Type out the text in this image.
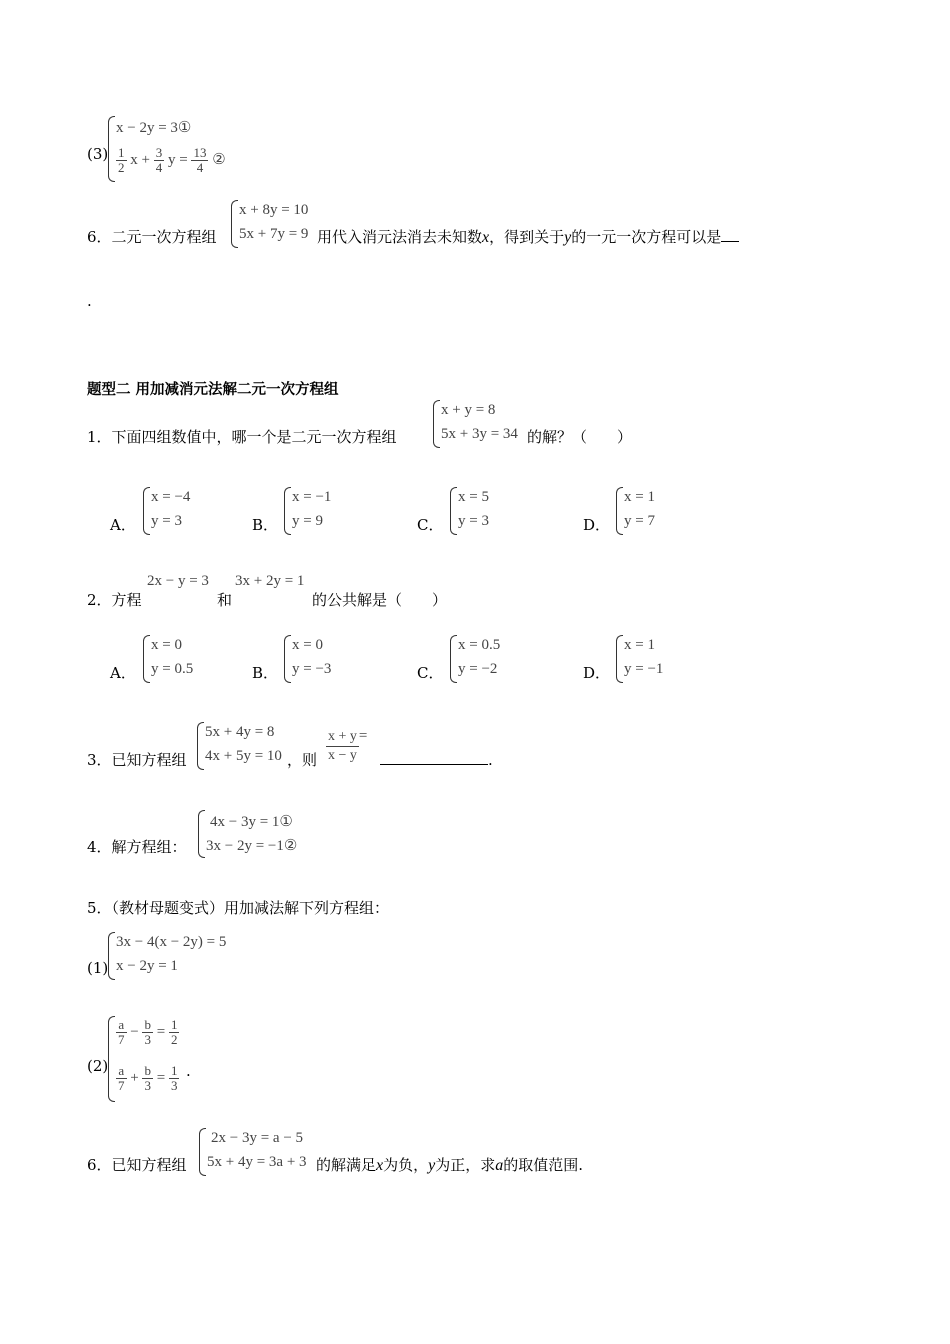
(3)
x − 2y = 3①
$\frac{1}{2}$ $x + \frac{3}{4}$ $y = \frac{13}{4}$ ②
6．二元一次方程组
x + 8y = 10
5x + 7y = 9 用代入消元法消去未知数x，得到关于y的一元一次方程可以是
.
题型二 用加减消元法解二元一次方程组
1．下面四组数值中，哪一个是二元一次方程组
x + y = 8
5x + 3y = 34 的解？（　　）
A．
x = −4
y = 3	B．
x = −1
y = 9	C．
x = 5
y = 3	D．
x = 1
y = 7
2．方程
2x − y = 3
和
3x + 2y = 1
的公共解是（　　）
A．
x = 0
y = 0.5	B．
x = 0
y = −3	C．
x = 0.5
y = −2	D．
x = 1
y = −1
3．已知方程组
5x + 4y = 8
4x + 5y = 10 ，则 $\frac{x + y}{x - y}$ =
.
4．解方程组：
4x − 3y = 1①
3x − 2y = −1②
5．（教材母题变式）用加减法解下列方程组：
(1)
3x − 4(x − 2y) = 5
x − 2y = 1
(2)
$\frac{a}{7} - \frac{b}{3} = \frac{1}{2}$
$\frac{a}{7} + \frac{b}{3} = \frac{1}{3}$ .
6．已知方程组
2x − 3y = a − 5
5x + 4y = 3a + 3 的解满足x为负，y为正，求a的取值范围.
